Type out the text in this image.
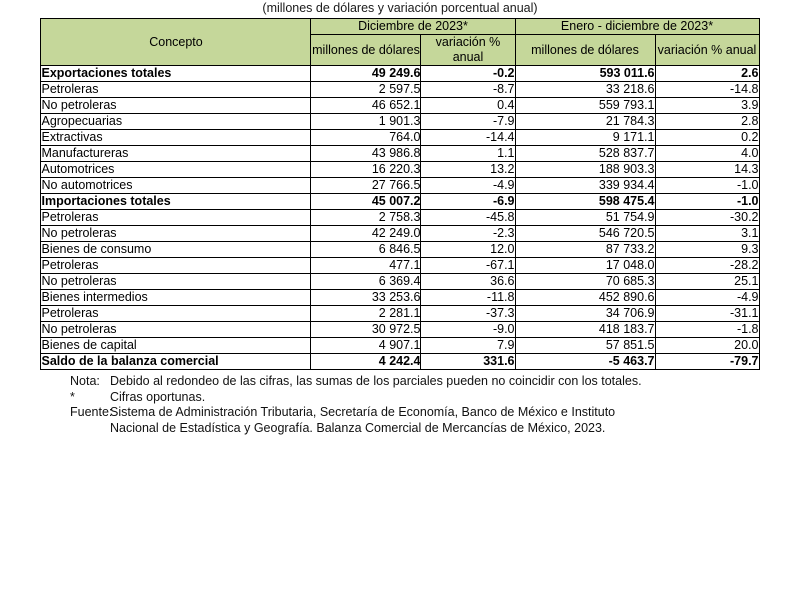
(millones de dólares y variación porcentual anual)
Concepto	Diciembre de 2023*		Enero - diciembre de 2023*	
	millones de dólares	variación % anual	millones de dólares	variación % anual
Exportaciones totales	49 249.6	-0.2	593 011.6	2.6
Petroleras	2 597.5	-8.7	33 218.6	-14.8
No petroleras	46 652.1	0.4	559 793.1	3.9
Agropecuarias	1 901.3	-7.9	21 784.3	2.8
Extractivas	764.0	-14.4	9 171.1	0.2
Manufactureras	43 986.8	1.1	528 837.7	4.0
Automotrices	16 220.3	13.2	188 903.3	14.3
No automotrices	27 766.5	-4.9	339 934.4	-1.0
Importaciones totales	45 007.2	-6.9	598 475.4	-1.0
Petroleras	2 758.3	-45.8	51 754.9	-30.2
No petroleras	42 249.0	-2.3	546 720.5	3.1
Bienes de consumo	6 846.5	12.0	87 733.2	9.3
Petroleras	477.1	-67.1	17 048.0	-28.2
No petroleras	6 369.4	36.6	70 685.3	25.1
Bienes intermedios	33 253.6	-11.8	452 890.6	-4.9
Petroleras	2 281.1	-37.3	34 706.9	-31.1
No petroleras	30 972.5	-9.0	418 183.7	-1.8
Bienes de capital	4 907.1	7.9	57 851.5	20.0
Saldo de la balanza comercial	4 242.4	331.6	-5 463.7	-79.7
Nota: Debido al redondeo de las cifras, las sumas de los parciales pueden no coincidir con los totales.
*	Cifras oportunas.
Fuente:
Sistema de Administración Tributaria, Secretaría de Economía, Banco de México e Instituto
Nacional de Estadística y Geografía. Balanza Comercial de Mercancías de México, 2023.
